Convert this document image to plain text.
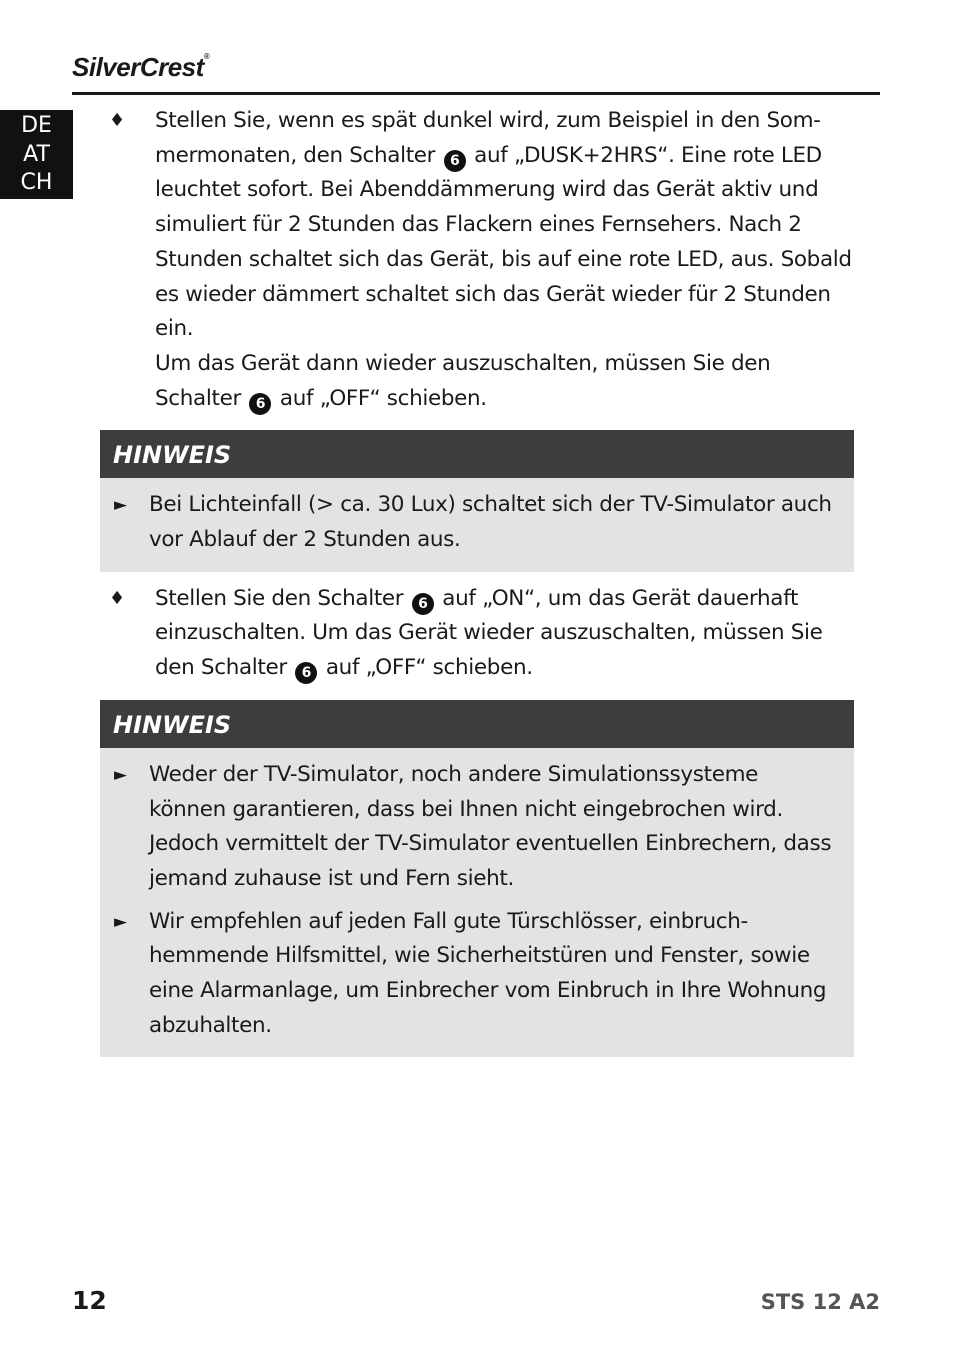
SilverCrest®
DE
AT
CH
♦ Stellen Sie, wenn es spät dunkel wird, zum Beispiel in den Som-mermonaten, den Schalter 6 auf „DUSK+2HRS“. Eine rote LED leuchtet sofort. Bei Abenddämmerung wird das Gerät aktiv und simuliert für 2 Stunden das Flackern eines Fernsehers. Nach 2 Stunden schaltet sich das Gerät, bis auf eine rote LED, aus. Sobald es wieder dämmert schaltet sich das Gerät wieder für 2 Stunden ein.

Um das Gerät dann wieder auszuschalten, müssen Sie den Schalter 6 auf „OFF“ schieben.

HINWEIS
► Bei Lichteinfall (> ca. 30 Lux) schaltet sich der TV-Simulator auch vor Ablauf der 2 Stunden aus.
♦ Stellen Sie den Schalter 6 auf „ON“, um das Gerät dauerhaft einzuschalten. Um das Gerät wieder auszuschalten, müssen Sie den Schalter 6 auf „OFF“ schieben.

HINWEIS
► Weder der TV-Simulator, noch andere Simulationssysteme können garantieren, dass bei Ihnen nicht eingebrochen wird. Jedoch vermittelt der TV-Simulator eventuellen Einbrechern, dass jemand zuhause ist und Fern sieht.
► Wir empfehlen auf jeden Fall gute Türschlösser, einbruch-hemmende Hilfsmittel, wie Sicherheitstüren und Fenster, sowie eine Alarmanlage, um Einbrecher vom Einbruch in Ihre Wohnung abzuhalten.
12	STS 12 A2
